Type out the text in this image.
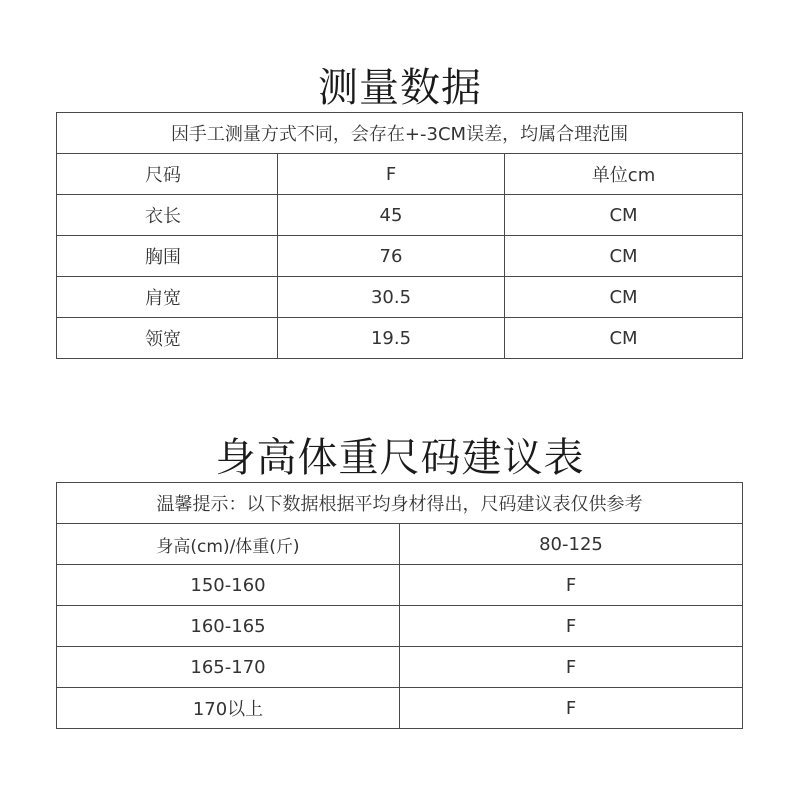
测量数据
因手工测量方式不同，会存在+-3CM误差，均属合理范围		
尺码	F	单位cm
衣长	45	CM
胸围	76	CM
肩宽	30.5	CM
领宽	19.5	CM
身高体重尺码建议表
温馨提示：以下数据根据平均身材得出，尺码建议表仅供参考	
身高(cm)/体重(斤)	80-125
150-160	F
160-165	F
165-170	F
170以上	F
